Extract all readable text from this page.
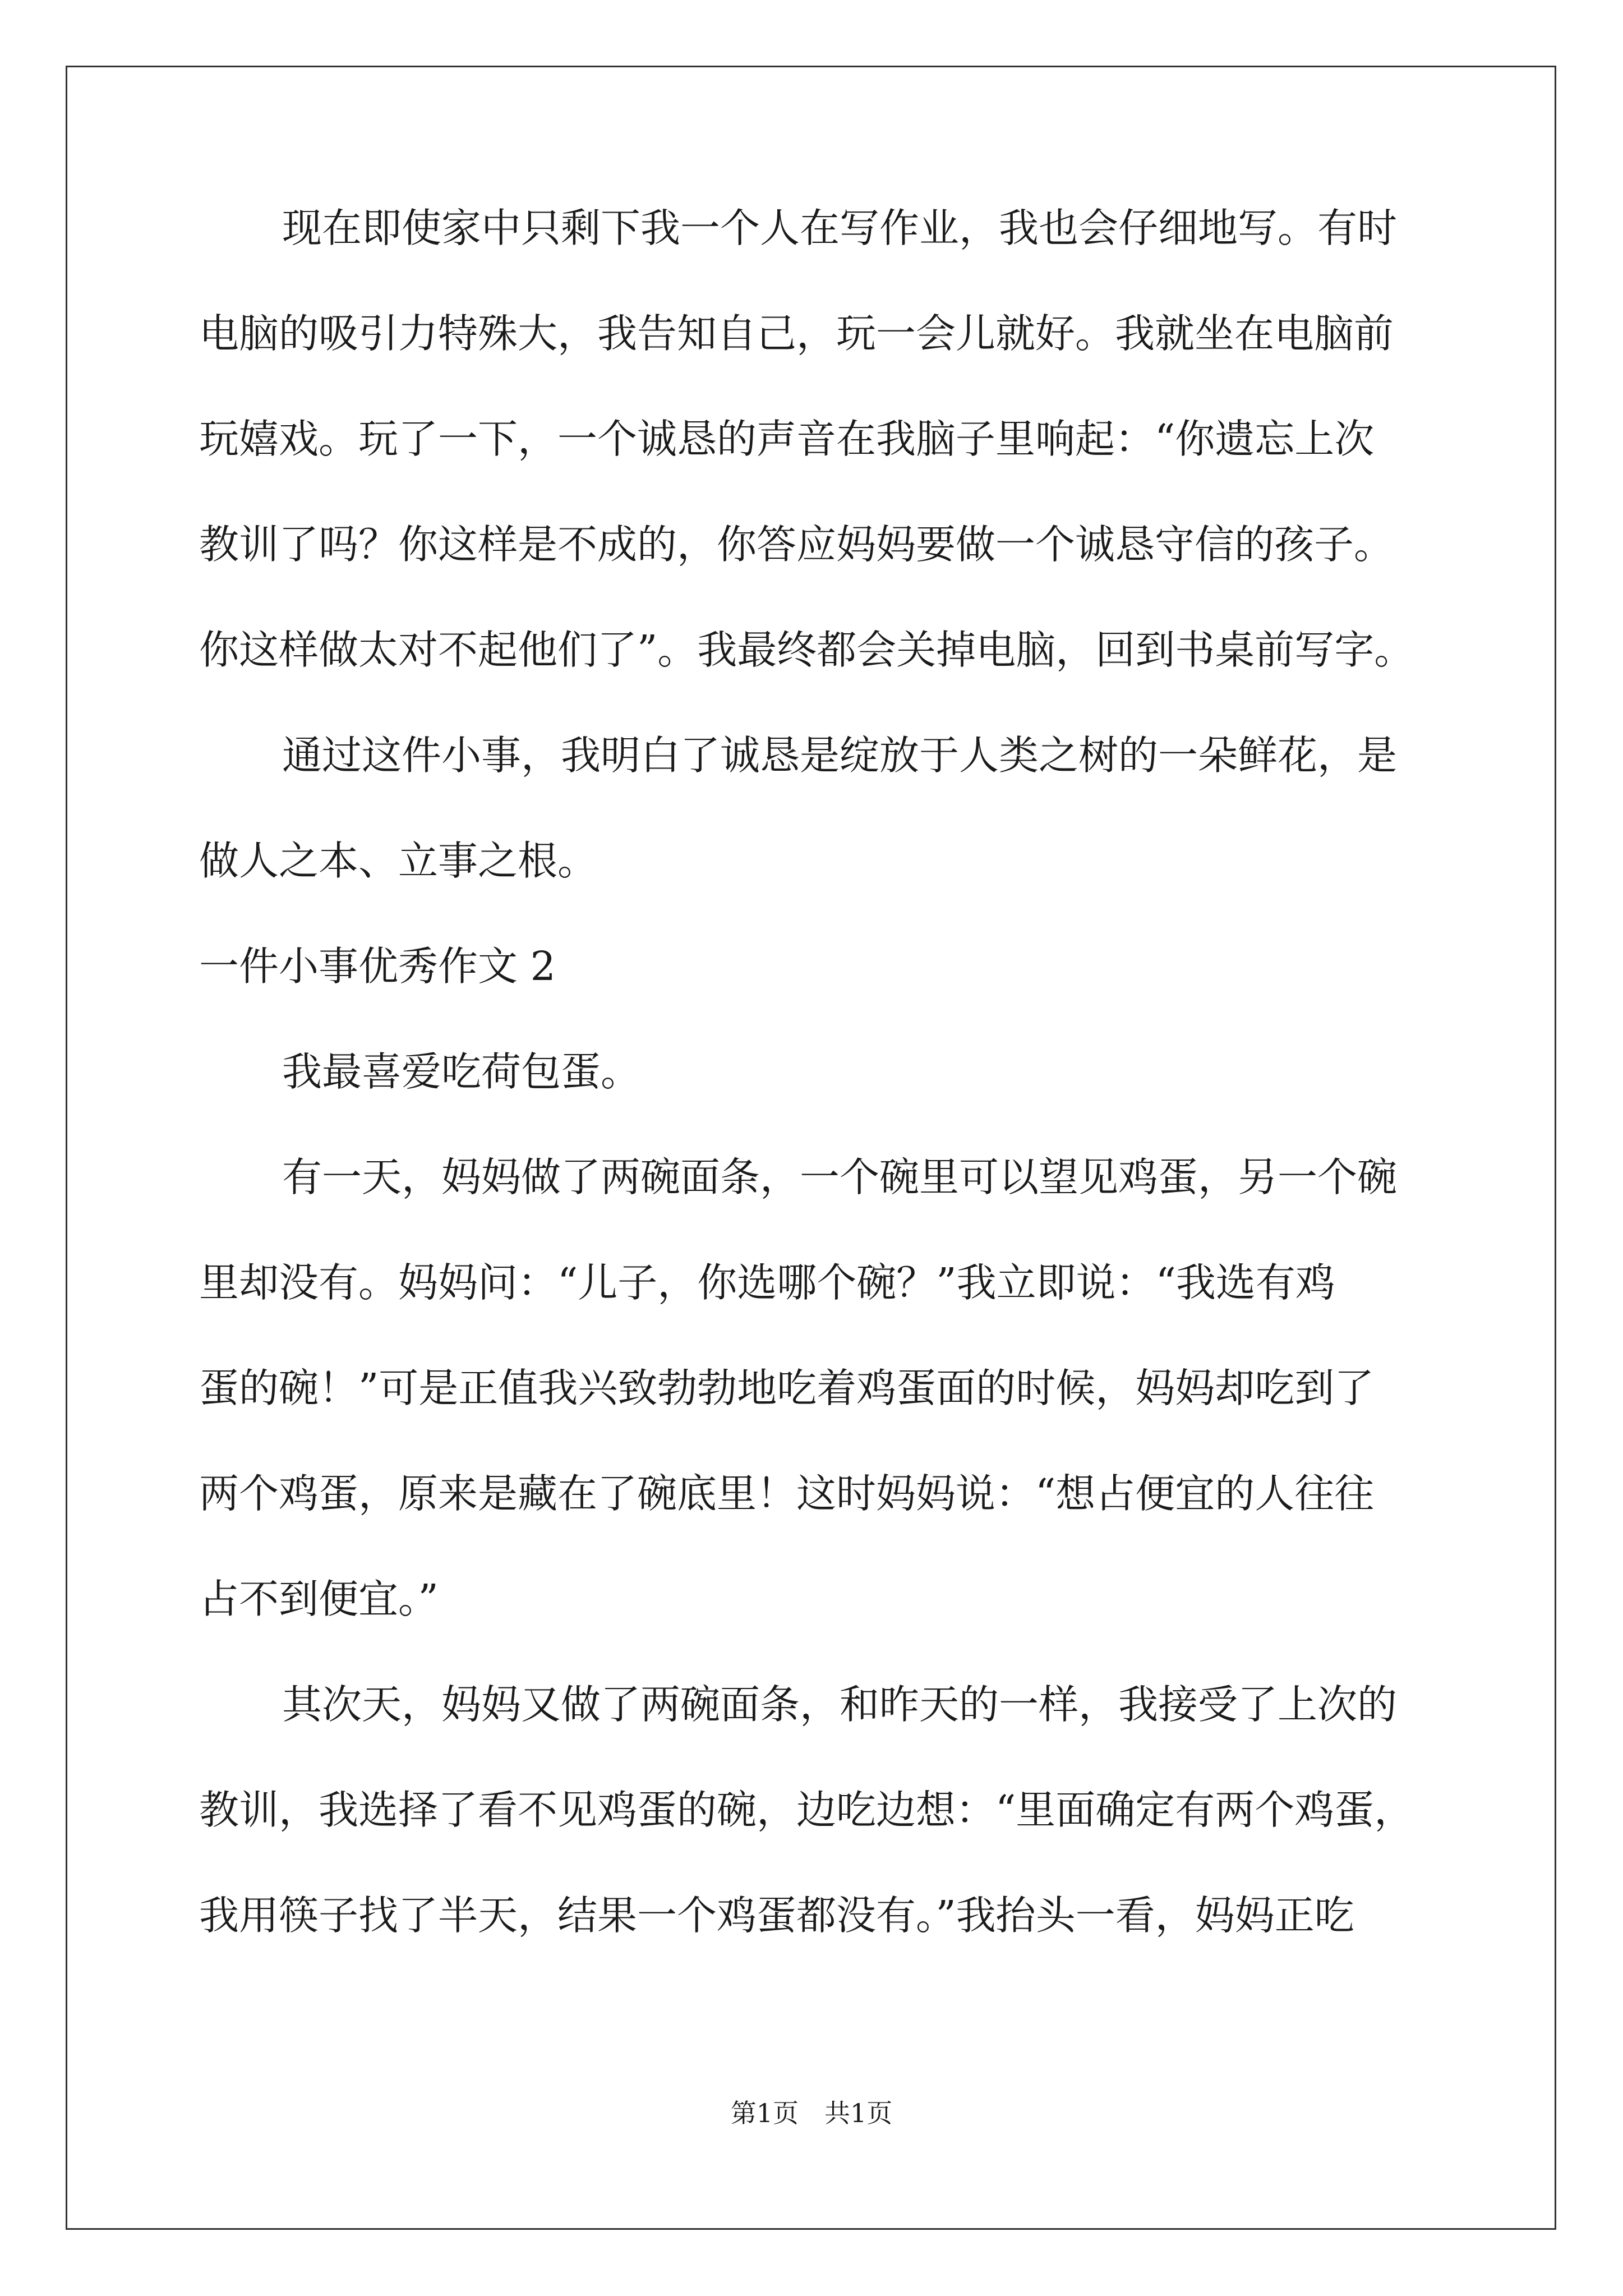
现在即使家中只剩下我一个人在写作业，我也会仔细地写。有时
电脑的吸引力特殊大，我告知自己，玩一会儿就好。我就坐在电脑前
玩嬉戏。玩了一下，一个诚恳的声音在我脑子里响起：“你遗忘上次
教训了吗？你这样是不成的，你答应妈妈要做一个诚恳守信的孩子。
你这样做太对不起他们了”。我最终都会关掉电脑，回到书桌前写字。
通过这件小事，我明白了诚恳是绽放于人类之树的一朵鲜花，是
做人之本、立事之根。
一件小事优秀作文 2
我最喜爱吃荷包蛋。
有一天，妈妈做了两碗面条，一个碗里可以望见鸡蛋，另一个碗
里却没有。妈妈问：“儿子，你选哪个碗？”我立即说：“我选有鸡
蛋的碗！”可是正值我兴致勃勃地吃着鸡蛋面的时候，妈妈却吃到了
两个鸡蛋，原来是藏在了碗底里！这时妈妈说：“想占便宜的人往往
占不到便宜。”
其次天，妈妈又做了两碗面条，和昨天的一样，我接受了上次的
教训，我选择了看不见鸡蛋的碗，边吃边想：“里面确定有两个鸡蛋，
我用筷子找了半天，结果一个鸡蛋都没有。”我抬头一看，妈妈正吃
第1页 共1页
